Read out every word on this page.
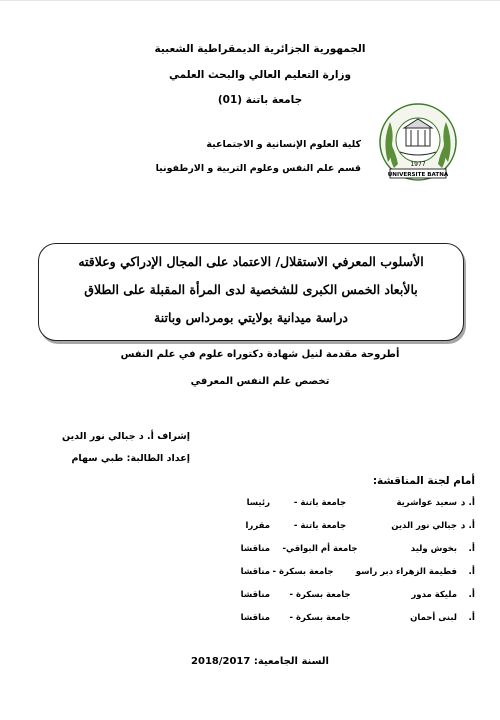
الجمهورية الجزائرية الديمقراطية الشعبية
وزارة التعليم العالي والبحث العلمي
جامعة باتنة (01)
كلية العلوم الإنسانية و الاجتماعية
قسم علم النفس وعلوم التربية و الارطفونيا	1977
UNIVERSITE BATNA
الأسلوب المعرفي الاستقلال/ الاعتماد على المجال الإدراكي وعلاقته
بالأبعاد الخمس الكبرى للشخصية لدى المرأة المقبلة على الطلاق
دراسة ميدانية بولايتي بومرداس وباتنة
أطروحة مقدمة لنيل شهادة دكتوراه علوم في علم النفس
تخصص علم النفس المعرفي
إشراف أ. د جبالي نور الدين
إعداد الطالبة: طبي سهام
أمام لجنة المناقشة:
أ. د
سعيد عواشرية
جامعة باتنة -
رئيسا
أ. د
جبالي نور الدين
جامعة باتنة -
مقررا
أ.
بخوش وليد
جامعة أم البواقي-
مناقشا
أ.
فطيمة الزهراء دبر راسو
جامعة بسكرة -
مناقشا
أ.
مليكة مدور
جامعة بسكرة -
مناقشا
أ.
لبنى أحمان
جامعة بسكرة -
مناقشا
السنة الجامعية: 2018/2017
